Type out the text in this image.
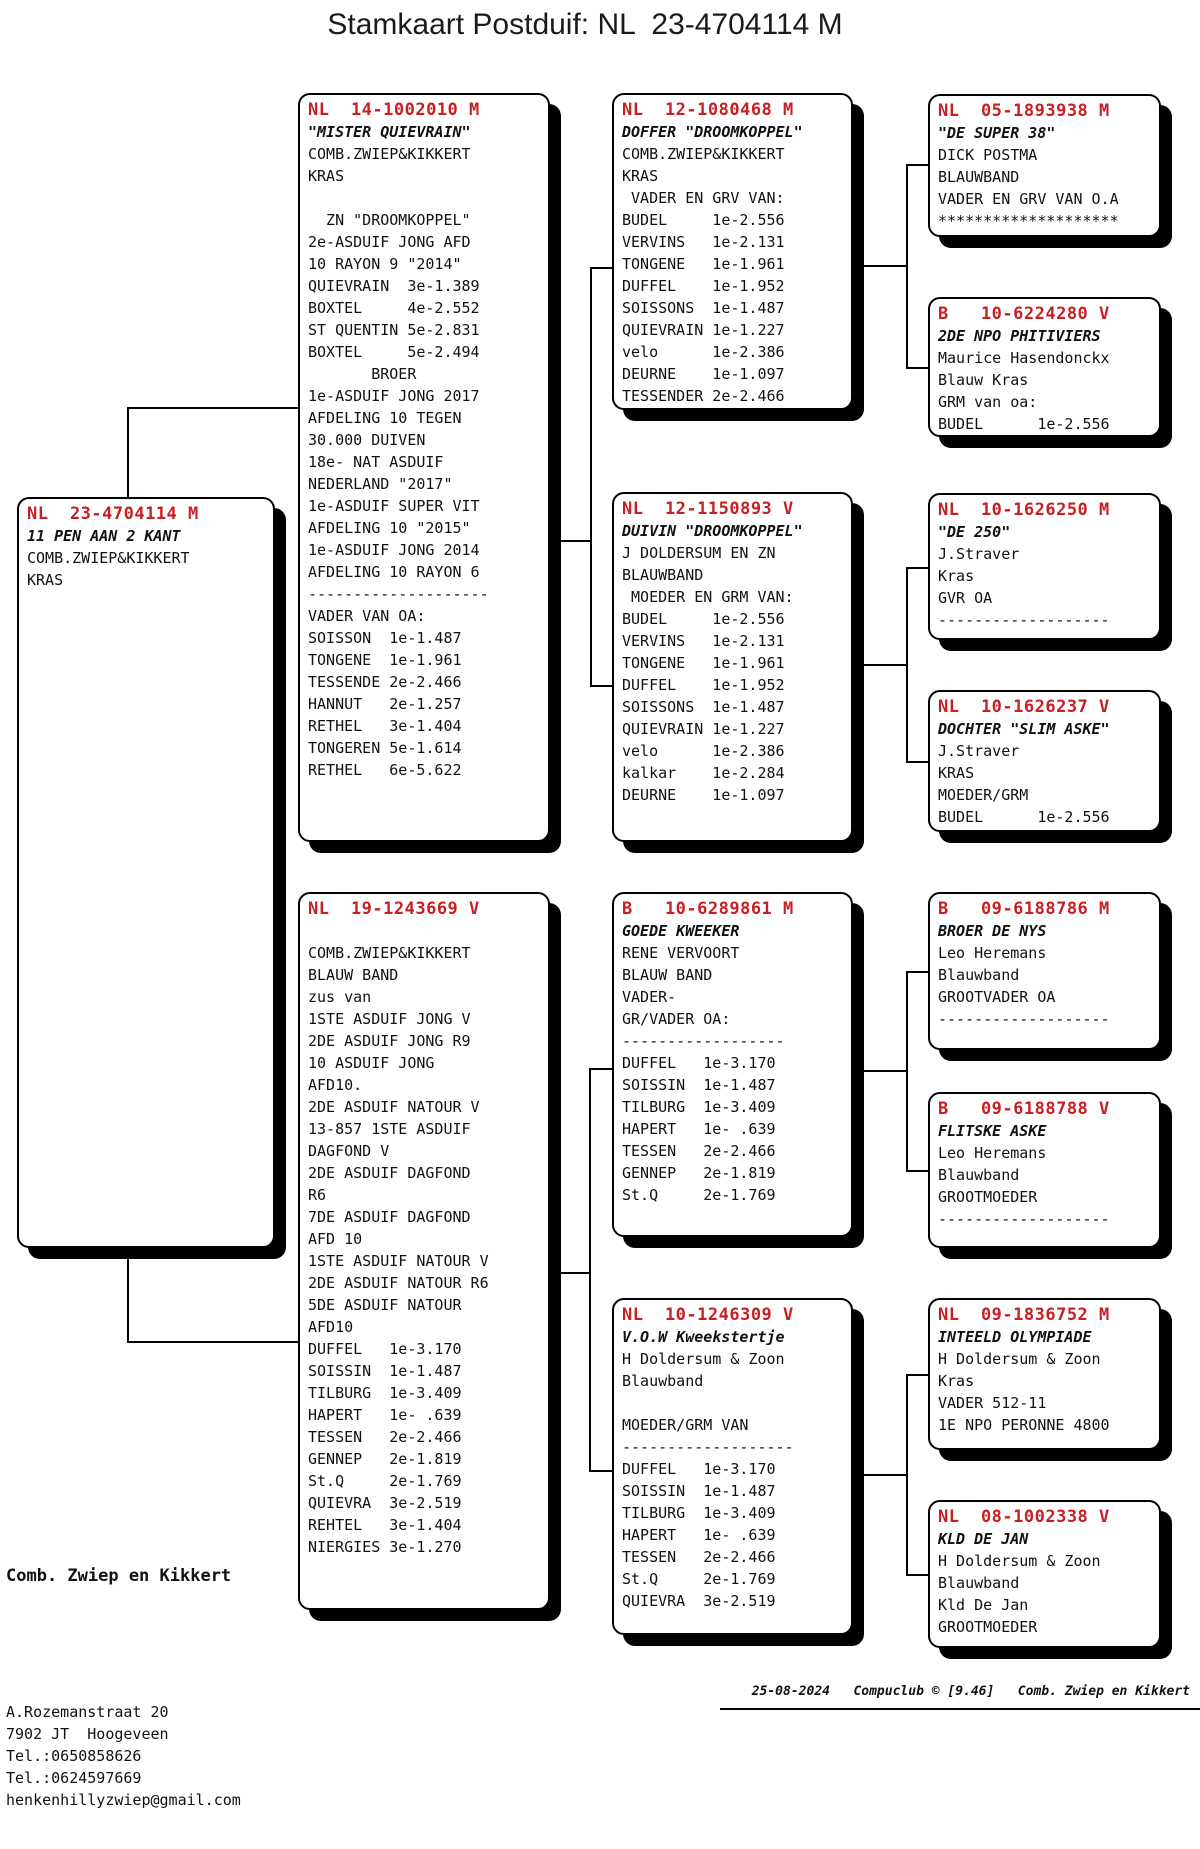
Stamkaart Postduif: NL  23-4704114 M
NL  23-4704114 M
11 PEN AAN 2 KANT
COMB.ZWIEP&KIKKERT
KRAS
NL  14-1002010 M
"MISTER QUIEVRAIN"
COMB.ZWIEP&KIKKERT
KRAS
ZN "DROOMKOPPEL"
2e-ASDUIF JONG AFD
10 RAYON 9 "2014"
QUIEVRAIN  3e-1.389
BOXTEL     4e-2.552
ST QUENTIN 5e-2.831
BOXTEL     5e-2.494
BROER
1e-ASDUIF JONG 2017
AFDELING 10 TEGEN
30.000 DUIVEN
18e- NAT ASDUIF
NEDERLAND "2017"
1e-ASDUIF SUPER VIT
AFDELING 10 "2015"
1e-ASDUIF JONG 2014
AFDELING 10 RAYON 6
--------------------
VADER VAN OA:
SOISSON  1e-1.487
TONGENE  1e-1.961
TESSENDE 2e-2.466
HANNUT   2e-1.257
RETHEL   3e-1.404
TONGEREN 5e-1.614
RETHEL   6e-5.622
NL  19-1243669 V
COMB.ZWIEP&KIKKERT
BLAUW BAND
zus van
1STE ASDUIF JONG V
2DE ASDUIF JONG R9
10 ASDUIF JONG
AFD10.
2DE ASDUIF NATOUR V
13-857 1STE ASDUIF
DAGFOND V
2DE ASDUIF DAGFOND
R6
7DE ASDUIF DAGFOND
AFD 10
1STE ASDUIF NATOUR V
2DE ASDUIF NATOUR R6
5DE ASDUIF NATOUR
AFD10
DUFFEL   1e-3.170
SOISSIN  1e-1.487
TILBURG  1e-3.409
HAPERT   1e- .639
TESSEN   2e-2.466
GENNEP   2e-1.819
St.Q     2e-1.769
QUIEVRA  3e-2.519
REHTEL   3e-1.404
NIERGIES 3e-1.270
NL  12-1080468 M
DOFFER "DROOMKOPPEL"
COMB.ZWIEP&KIKKERT
KRAS
VADER EN GRV VAN:
BUDEL     1e-2.556
VERVINS   1e-2.131
TONGENE   1e-1.961
DUFFEL    1e-1.952
SOISSONS  1e-1.487
QUIEVRAIN 1e-1.227
velo      1e-2.386
DEURNE    1e-1.097
TESSENDER 2e-2.466
NL  12-1150893 V
DUIVIN "DROOMKOPPEL"
J DOLDERSUM EN ZN
BLAUWBAND
MOEDER EN GRM VAN:
BUDEL     1e-2.556
VERVINS   1e-2.131
TONGENE   1e-1.961
DUFFEL    1e-1.952
SOISSONS  1e-1.487
QUIEVRAIN 1e-1.227
velo      1e-2.386
kalkar    1e-2.284
DEURNE    1e-1.097
B   10-6289861 M
GOEDE KWEEKER
RENE VERVOORT
BLAUW BAND
VADER-
GR/VADER OA:
------------------
DUFFEL   1e-3.170
SOISSIN  1e-1.487
TILBURG  1e-3.409
HAPERT   1e- .639
TESSEN   2e-2.466
GENNEP   2e-1.819
St.Q     2e-1.769
NL  10-1246309 V
V.O.W Kweekstertje
H Doldersum & Zoon
Blauwband
MOEDER/GRM VAN
-------------------
DUFFEL   1e-3.170
SOISSIN  1e-1.487
TILBURG  1e-3.409
HAPERT   1e- .639
TESSEN   2e-2.466
St.Q     2e-1.769
QUIEVRA  3e-2.519
NL  05-1893938 M
"DE SUPER 38"
DICK POSTMA
BLAUWBAND
VADER EN GRV VAN O.A
********************
B   10-6224280 V
2DE NPO PHITIVIERS
Maurice Hasendonckx
Blauw Kras
GRM van oa:
BUDEL      1e-2.556
NL  10-1626250 M
"DE 250"
J.Straver
Kras
GVR OA
-------------------
NL  10-1626237 V
DOCHTER "SLIM ASKE"
J.Straver
KRAS
MOEDER/GRM
BUDEL      1e-2.556
B   09-6188786 M
BROER DE NYS
Leo Heremans
Blauwband
GROOTVADER OA
-------------------
B   09-6188788 V
FLITSKE ASKE
Leo Heremans
Blauwband
GROOTMOEDER
-------------------
NL  09-1836752 M
INTEELD OLYMPIADE
H Doldersum & Zoon
Kras
VADER 512-11
1E NPO PERONNE 4800
NL  08-1002338 V
KLD DE JAN
H Doldersum & Zoon
Blauwband
Kld De Jan
GROOTMOEDER

Comb. Zwiep en Kikkert

A.Rozemanstraat 20
7902 JT  Hoogeveen
Tel.:0650858626
Tel.:0624597669
henkenhillyzwiep@gmail.com

25-08-2024   Compuclub © [9.46]   Comb. Zwiep en Kikkert
